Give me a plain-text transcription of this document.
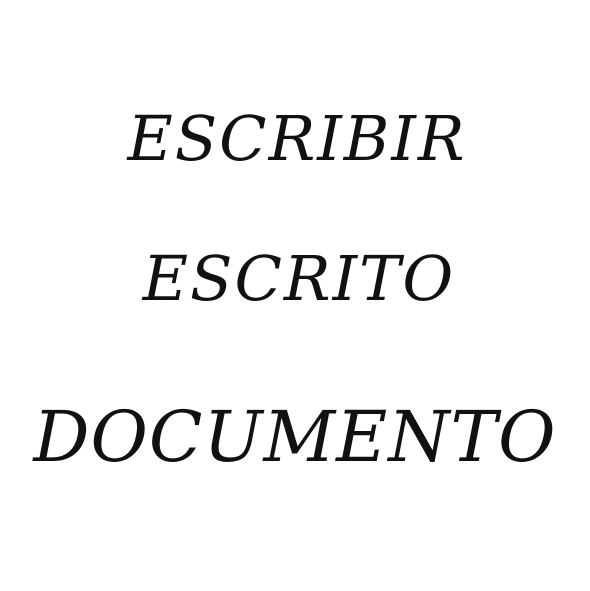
ESCRIBIR
ESCRITO
DOCUMENTO
